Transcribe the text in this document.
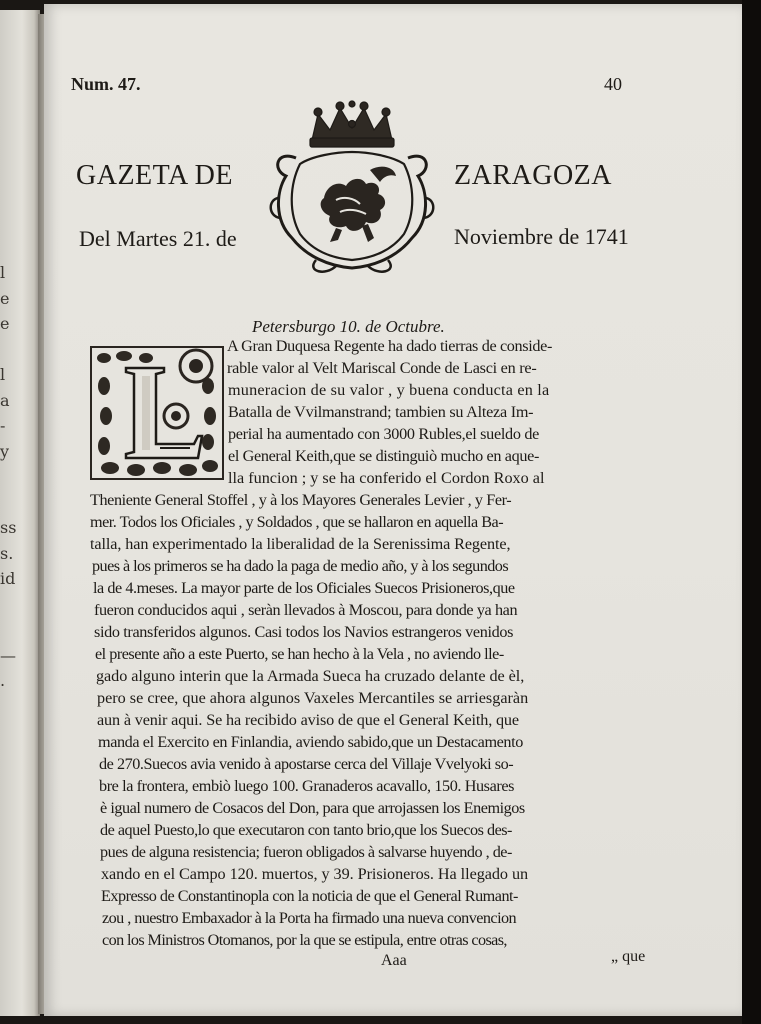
l
e
e
l
a
-
y
ss
s.
id
—
.
Num. 47.	40
GAZETA DE	ZARAGOZA
Del Martes 21. de	Noviembre de 1741
Petersburgo 10. de Octubre.
A Gran Duquesa Regente ha dado tierras de conside-
rable valor al Velt Mariscal Conde de Lasci en re-
muneracion de su valor , y buena conducta en la
Batalla de Vvilmanstrand; tambien su Alteza Im-
perial ha aumentado con 3000 Rubles,el sueldo de
el General Keith,que se distinguiò mucho en aque-
lla funcion ; y se ha conferido el Cordon Roxo al
Theniente General Stoffel , y à los Mayores Generales Levier , y Fer-
mer. Todos los Oficiales , y Soldados , que se hallaron en aquella Ba-
talla, han experimentado la liberalidad de la Serenissima Regente,
pues à los primeros se ha dado la paga de medio año, y à los segundos
la de 4.meses. La mayor parte de los Oficiales Suecos Prisioneros,que
fueron conducidos aqui , seràn llevados à Moscou, para donde ya han
sido transferidos algunos. Casi todos los Navios estrangeros venidos
el presente año a este Puerto, se han hecho à la Vela , no aviendo lle-
gado alguno interin que la Armada Sueca ha cruzado delante de èl,
pero se cree, que ahora algunos Vaxeles Mercantiles se arriesgaràn
aun à venir aqui. Se ha recibido aviso de que el General Keith, que
manda el Exercito en Finlandia, aviendo sabido,que un Destacamento
de 270.Suecos avia venido à apostarse cerca del Villaje Vvelyoki so-
bre la frontera, embiò luego 100. Granaderos acavallo, 150. Husares
è igual numero de Cosacos del Don, para que arrojassen los Enemigos
de aquel Puesto,lo que executaron con tanto brio,que los Suecos des-
pues de alguna resistencia; fueron obligados à salvarse huyendo , de-
xando en el Campo 120. muertos, y 39. Prisioneros. Ha llegado un
Expresso de Constantinopla con la noticia de que el General Rumant-
zou , nuestro Embaxador à la Porta ha firmado una nueva convencion
con los Ministros Otomanos, por la que se estipula, entre otras cosas,
Aaa	„ que
